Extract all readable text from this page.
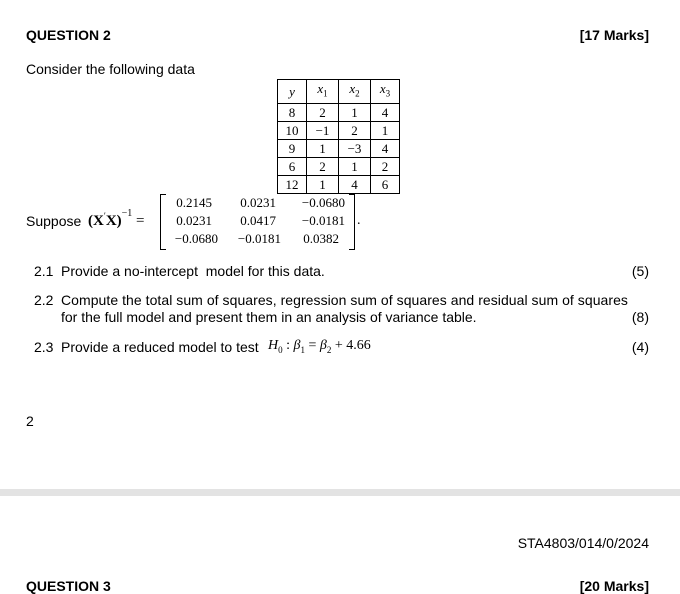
QUESTION 2	[17 Marks]
Consider the following data
y	$x_1$	$x_2$	$x_3$
8	2	1	4
10	−1	2	1
9	1	−3	4
6	2	1	2
12	1	4	6
Suppose $(X'X)^{-1}$ =
0.2145	0.0231	−0.0680
0.0231	0.0417	−0.0181
−0.0680	−0.0181	0.0382
.
2.1 Provide a no-intercept  model for this data.	(5)
2.2 Compute the total sum of squares, regression sum of squares and residual sum of squares
for the full model and present them in an analysis of variance table.	(8)
2.3 Provide a reduced model to test $H_0$ : $\beta_1 = \beta_2 + 4.66$	(4)
2
STA4803/014/0/2024
QUESTION 3	[20 Marks]
